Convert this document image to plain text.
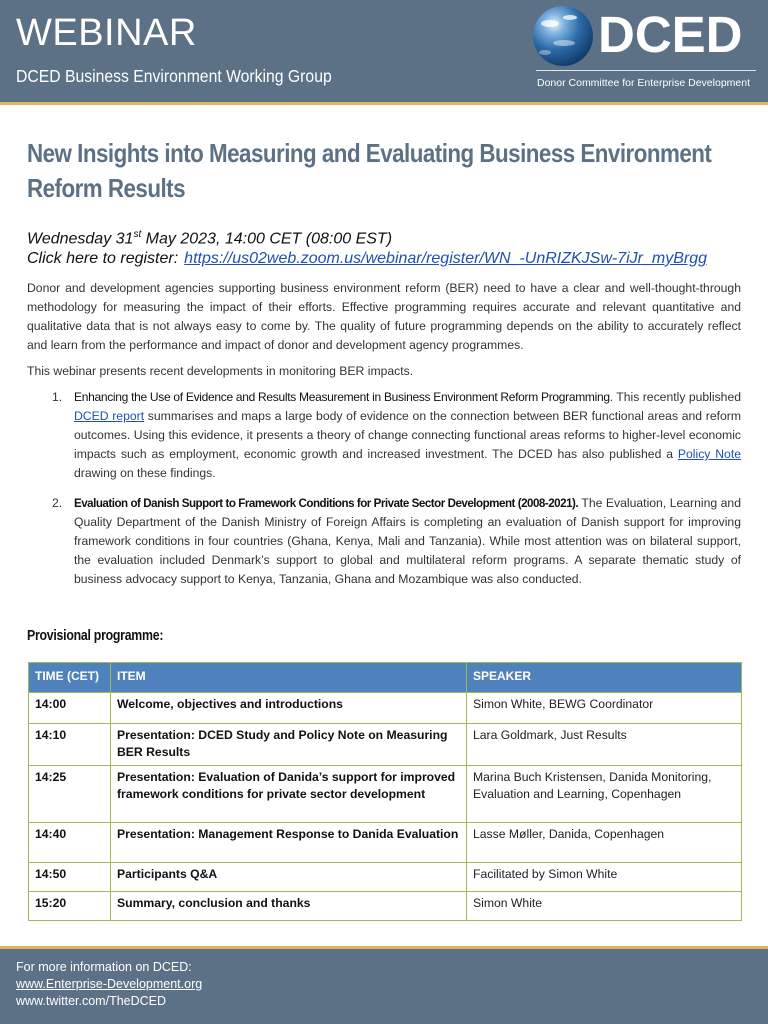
WEBINAR
DCED Business Environment Working Group
DCED
Donor Committee for Enterprise Development
New Insights into Measuring and Evaluating Business Environment Reform Results
Wednesday 31st May 2023, 14:00 CET (08:00 EST)
Click here to register: https://us02web.zoom.us/webinar/register/WN_-UnRIZKJSw-7iJr_myBrgg
Donor and development agencies supporting business environment reform (BER) need to have a clear and well-thought-through methodology for measuring the impact of their efforts. Effective programming requires accurate and relevant quantitative and qualitative data that is not always easy to come by. The quality of future programming depends on the ability to accurately reflect and learn from the performance and impact of donor and development agency programmes.
This webinar presents recent developments in monitoring BER impacts.
1. Enhancing the Use of Evidence and Results Measurement in Business Environment Reform Programming. This recently published DCED report summarises and maps a large body of evidence on the connection between BER functional areas and reform outcomes. Using this evidence, it presents a theory of change connecting functional areas reforms to higher-level economic impacts such as employment, economic growth and increased investment. The DCED has also published a Policy Note drawing on these findings.
2.	Evaluation of Danish Support to Framework Conditions for Private Sector Development (2008-2021). The Evaluation, Learning and Quality Department of the Danish Ministry of Foreign Affairs is completing an evaluation of Danish support for improving framework conditions in four countries (Ghana, Kenya, Mali and Tanzania). While most attention was on bilateral support, the evaluation included Denmark’s support to global and multilateral reform programs. A separate thematic study of business advocacy support to Kenya, Tanzania, Ghana and Mozambique was also conducted.
Provisional programme:
TIME (CET)	ITEM	SPEAKER
14:00	Welcome, objectives and introductions	Simon White, BEWG Coordinator
14:10	Presentation: DCED Study and Policy Note on Measuring BER Results	Lara Goldmark, Just Results
14:25	Presentation: Evaluation of Danida’s support for improved framework conditions for private sector development	Marina Buch Kristensen, Danida Monitoring, Evaluation and Learning, Copenhagen
14:40	Presentation: Management Response to Danida Evaluation	Lasse Møller, Danida, Copenhagen
14:50	Participants Q&A	Facilitated by Simon White
15:20	Summary, conclusion and thanks	Simon White
For more information on DCED:
www.Enterprise-Development.org
www.twitter.com/TheDCED
